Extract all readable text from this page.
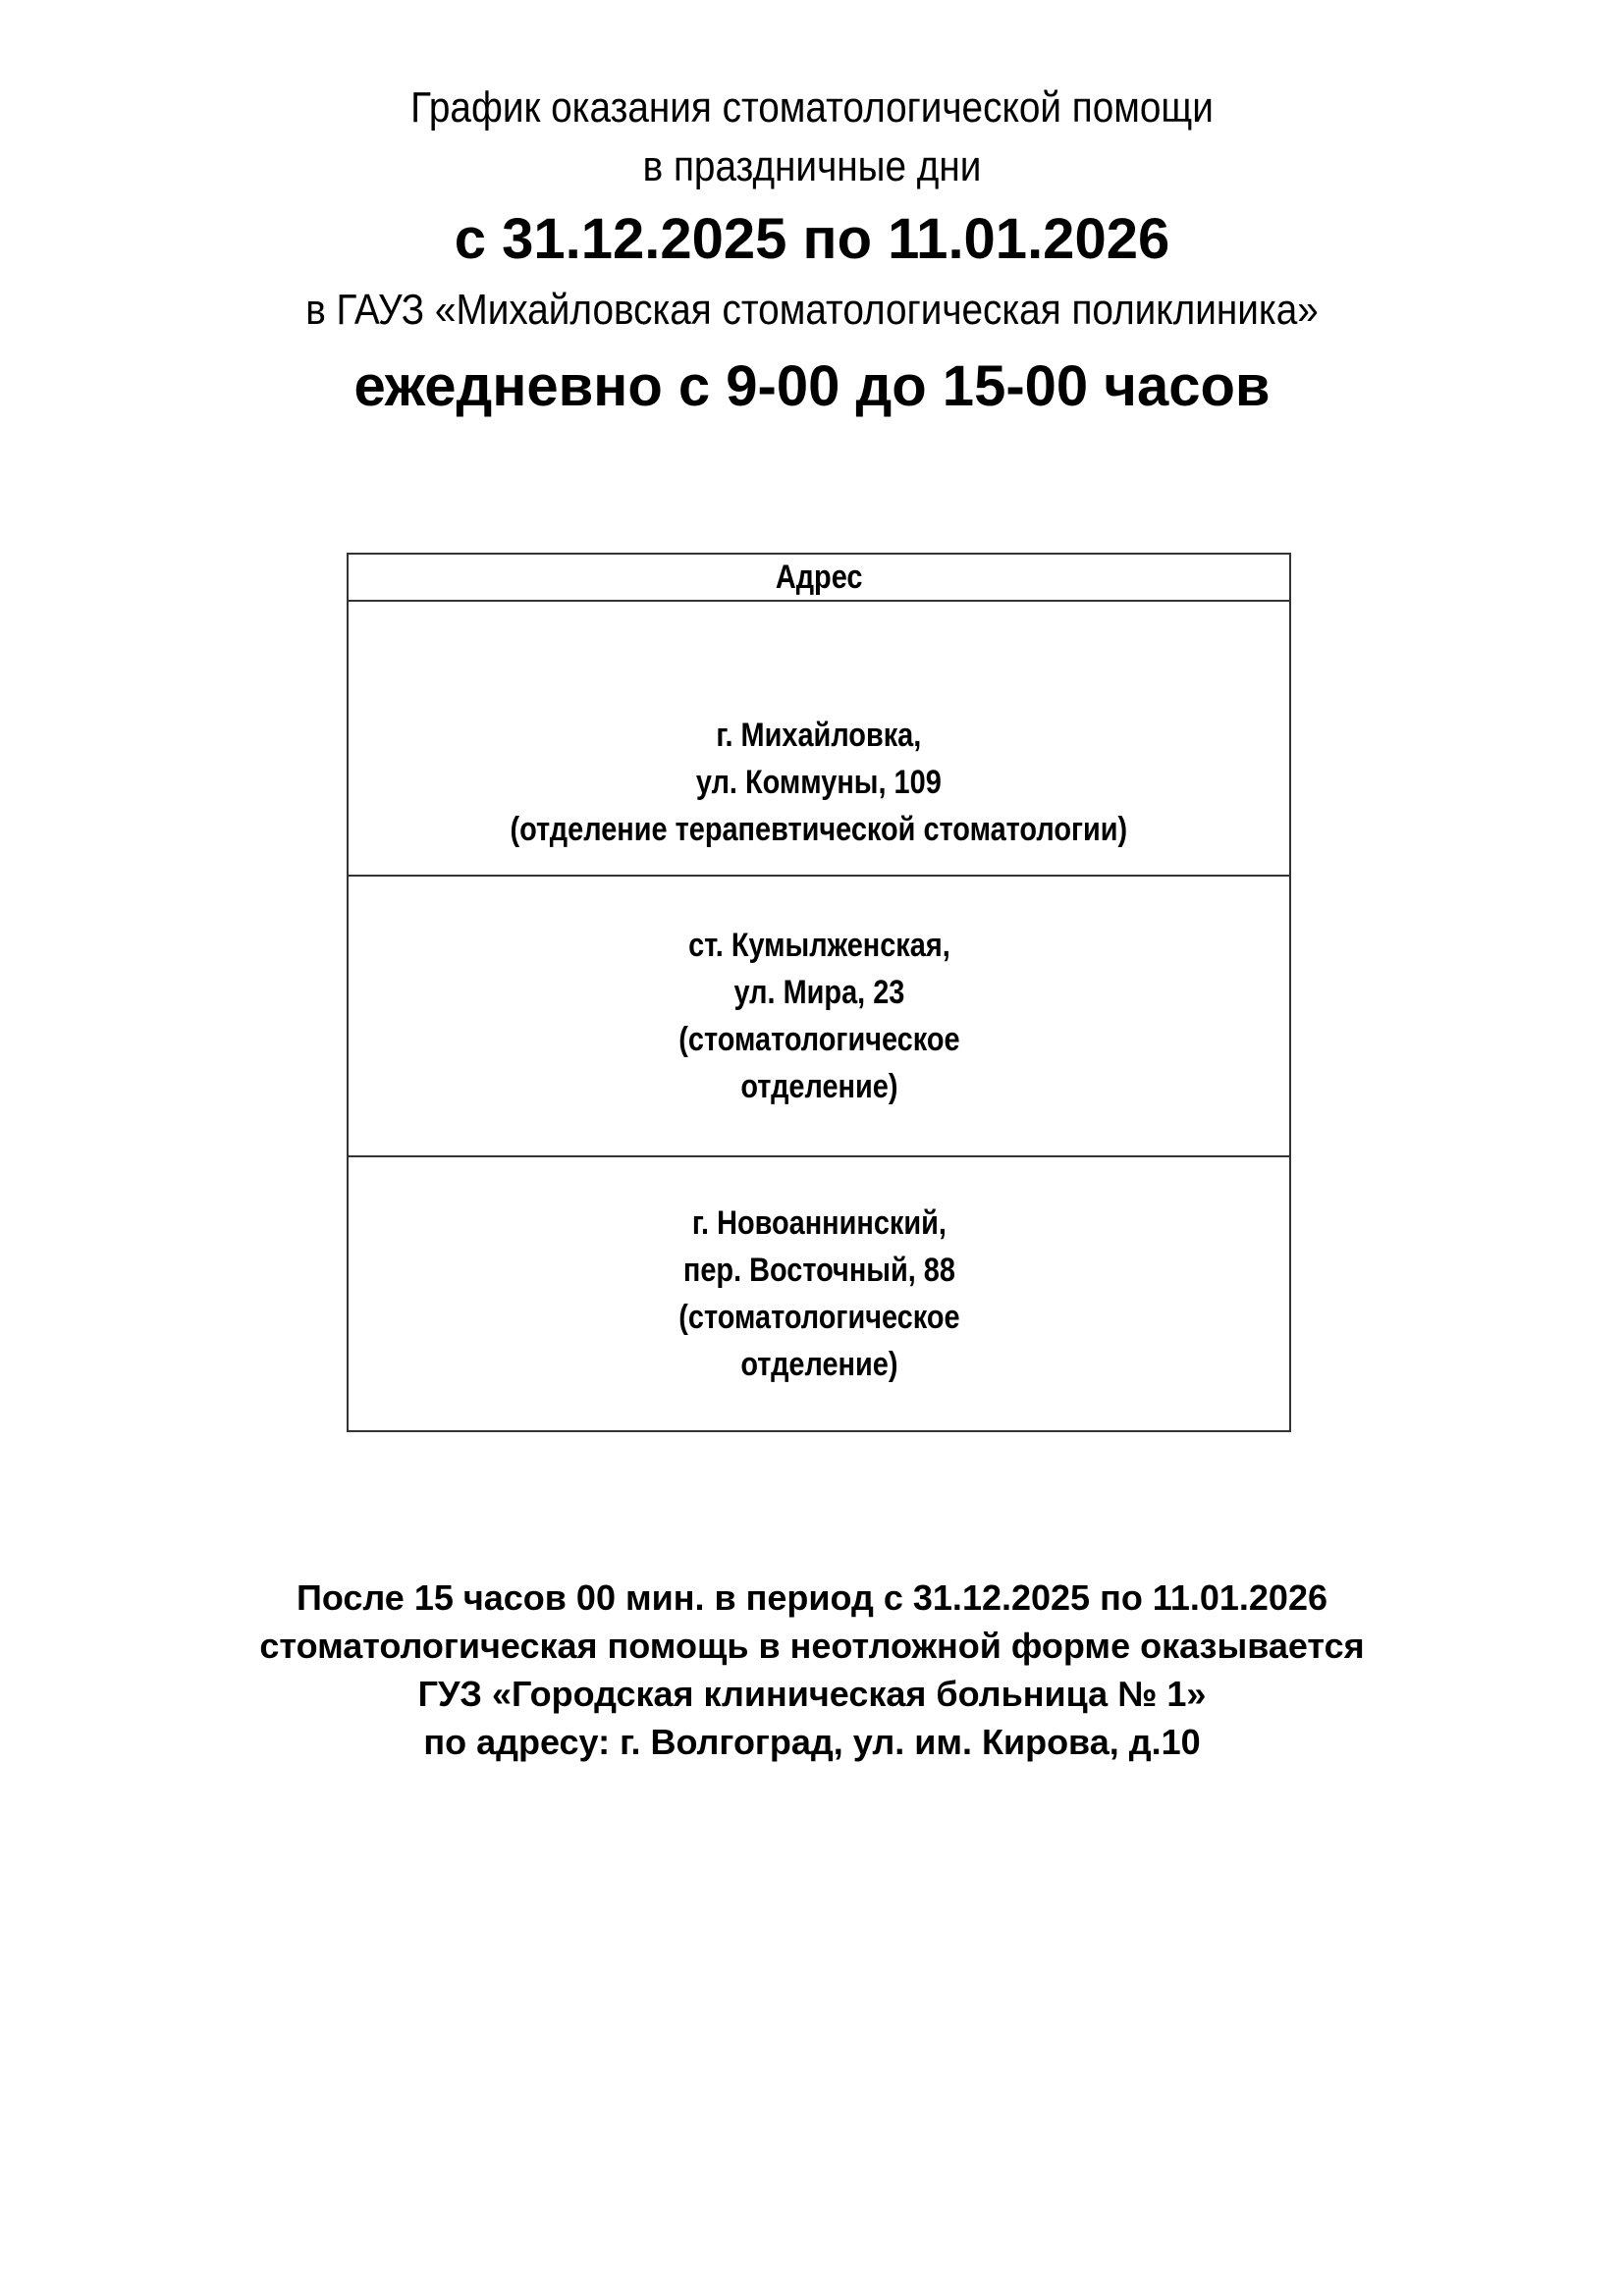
График оказания стоматологической помощи
в праздничные дни
с 31.12.2025 по 11.01.2026
в ГАУЗ «Михайловская стоматологическая поликлиника»
ежедневно с 9-00 до 15-00 часов
Адрес

г. Михайловка,
ул. Коммуны, 109
(отделение терапевтической стоматологии)

ст. Кумылженская,
ул. Мира, 23
(стоматологическое
отделение)

г. Новоаннинский,
пер. Восточный, 88
(стоматологическое
отделение)
После 15 часов 00 мин. в период с 31.12.2025 по 11.01.2026
стоматологическая помощь в неотложной форме оказывается
ГУЗ «Городская клиническая больница № 1»
по адресу: г. Волгоград, ул. им. Кирова, д.10
